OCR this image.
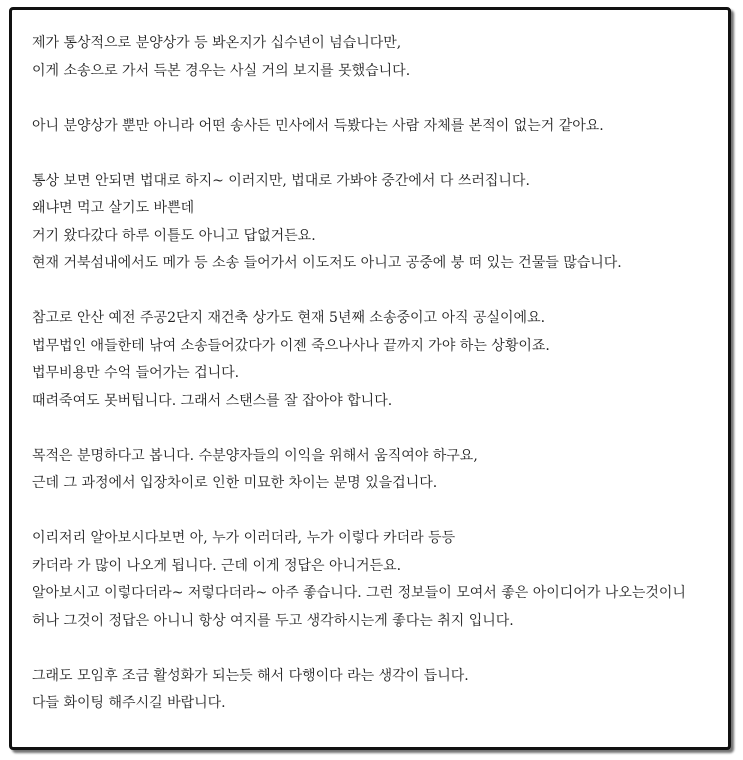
제가 통상적으로 분양상가 등 봐온지가 십수년이 넘습니다만,
이게 소송으로 가서 득본 경우는 사실 거의 보지를 못했습니다.
아니 분양상가 뿐만 아니라 어떤 송사든 민사에서 득봤다는 사람 자체를 본적이 없는거 같아요.
통상 보면 안되면 법대로 하지~ 이러지만, 법대로 가봐야 중간에서 다 쓰러집니다.
왜냐면 먹고 살기도 바쁜데
거기 왔다갔다 하루 이틀도 아니고 답없거든요.
현재 거북섬내에서도 메가 등 소송 들어가서 이도저도 아니고 공중에 붕 떠 있는 건물들 많습니다.
참고로 안산 예전 주공2단지 재건축 상가도 현재 5년째 소송중이고 아직 공실이에요.
법무법인 애들한테 낚여 소송들어갔다가 이젠 죽으나사나 끝까지 가야 하는 상황이죠.
법무비용만 수억 들어가는 겁니다.
때려죽여도 못버팁니다. 그래서 스탠스를 잘 잡아야 합니다.
목적은 분명하다고 봅니다. 수분양자들의 이익을 위해서 움직여야 하구요,
근데 그 과정에서 입장차이로 인한 미묘한 차이는 분명 있을겁니다.
이리저리 알아보시다보면 아, 누가 이러더라, 누가 이렇다 카더라 등등
카더라 가 많이 나오게 됩니다. 근데 이게 정답은 아니거든요.
알아보시고 이렇다더라~ 저렇다더라~ 아주 좋습니다. 그런 정보들이 모여서 좋은 아이디어가 나오는것이니
허나 그것이 정답은 아니니 항상 여지를 두고 생각하시는게 좋다는 취지 입니다.
그래도 모임후 조금 활성화가 되는듯 해서 다행이다 라는 생각이 듭니다.
다들 화이팅 해주시길 바랍니다.
